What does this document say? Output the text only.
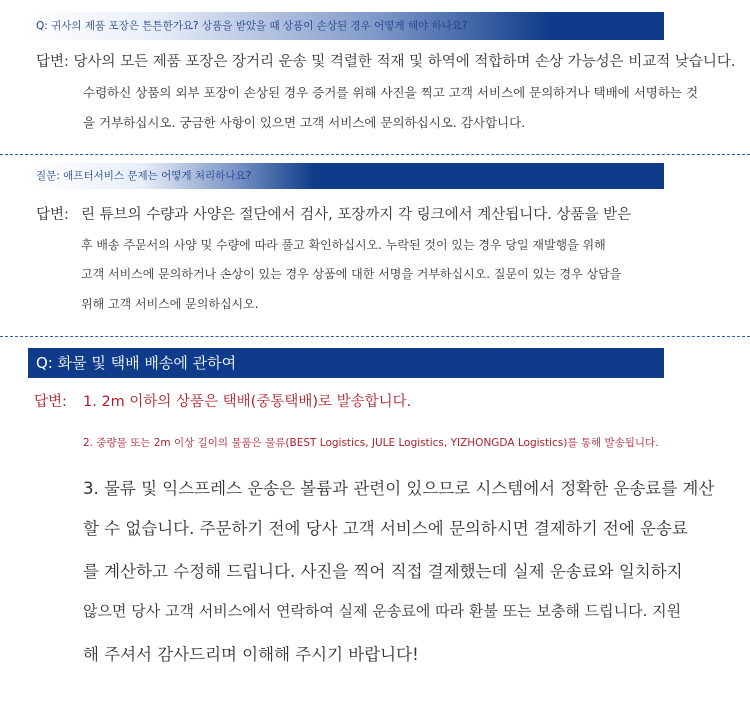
Q: 귀사의 제품 포장은 튼튼한가요? 상품을 받았을 때 상품이 손상된 경우 어떻게 해야 하나요?
답변: 당사의 모든 제품 포장은 장거리 운송 및 격렬한 적재 및 하역에 적합하며 손상 가능성은 비교적 낮습니다.
수령하신 상품의 외부 포장이 손상된 경우 증거를 위해 사진을 찍고 고객 서비스에 문의하거나 택배에 서명하는 것
을 거부하십시오. 궁금한 사항이 있으면 고객 서비스에 문의하십시오. 감사합니다.
질문: 애프터서비스 문제는 어떻게 처리하나요?
답변: 린 튜브의 수량과 사양은 절단에서 검사, 포장까지 각 링크에서 계산됩니다. 상품을 받은
후 배송 주문서의 사양 및 수량에 따라 풀고 확인하십시오. 누락된 것이 있는 경우 당일 재발행을 위해
고객 서비스에 문의하거나 손상이 있는 경우 상품에 대한 서명을 거부하십시오. 질문이 있는 경우 상담을
위해 고객 서비스에 문의하십시오.
Q: 화물 및 택배 배송에 관하여
답변: 1. 2m 이하의 상품은 택배(중통택배)로 발송합니다.
2. 중량물 또는 2m 이상 길이의 물품은 물류(BEST Logistics, JULE Logistics, YIZHONGDA Logistics)를 통해 발송됩니다.
3. 물류 및 익스프레스 운송은 볼륨과 관련이 있으므로 시스템에서 정확한 운송료를 계산
할 수 없습니다. 주문하기 전에 당사 고객 서비스에 문의하시면 결제하기 전에 운송료
를 계산하고 수정해 드립니다. 사진을 찍어 직접 결제했는데 실제 운송료와 일치하지
않으면 당사 고객 서비스에서 연락하여 실제 운송료에 따라 환불 또는 보충해 드립니다. 지원
해 주셔서 감사드리며 이해해 주시기 바랍니다!
